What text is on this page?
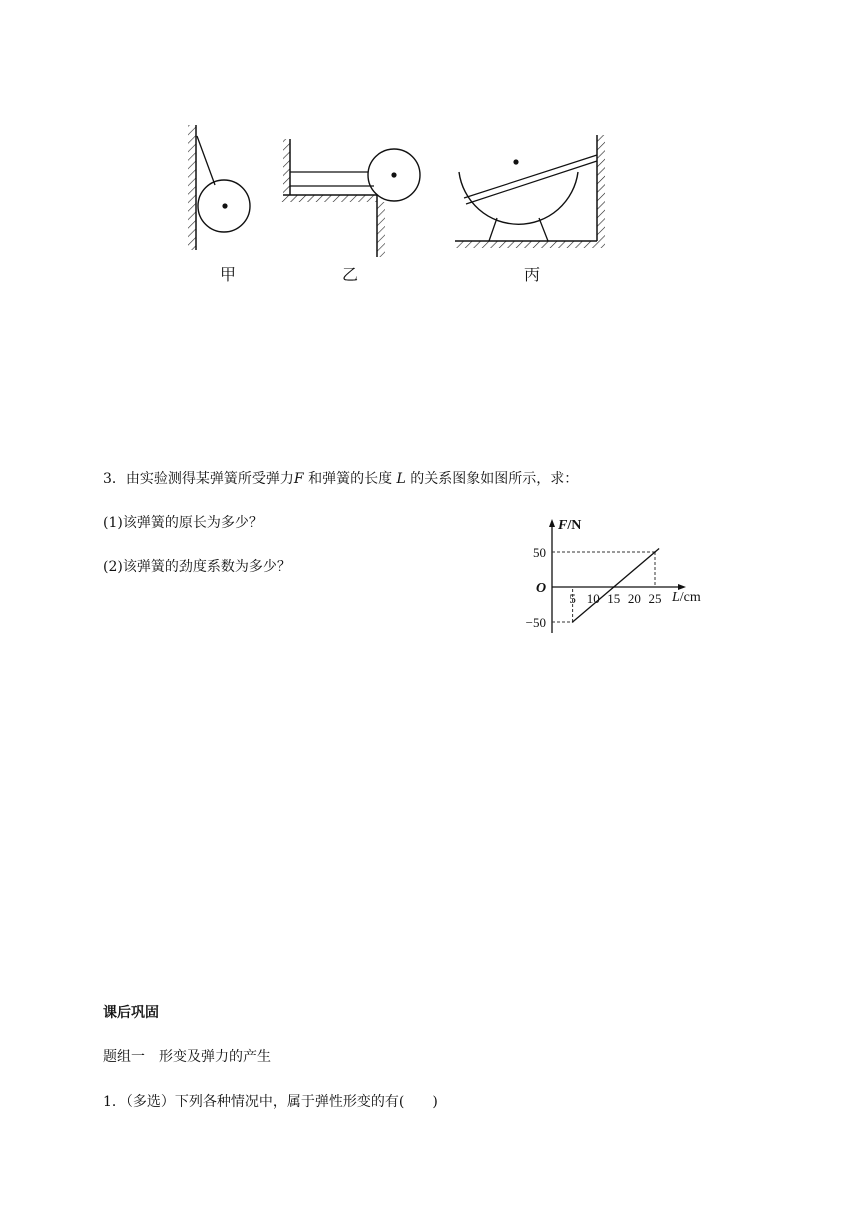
甲	乙	丙
3．由实验测得某弹簧所受弹力F 和弹簧的长度 L 的关系图象如图所示，求：
(1)该弹簧的原长为多少？
(2)该弹簧的劲度系数为多少？
F/N
L/cm
O
5 10 15 20 25
50
−50
课后巩固
题组一　形变及弹力的产生
1．（多选）下列各种情况中，属于弹性形变的有(　　)
